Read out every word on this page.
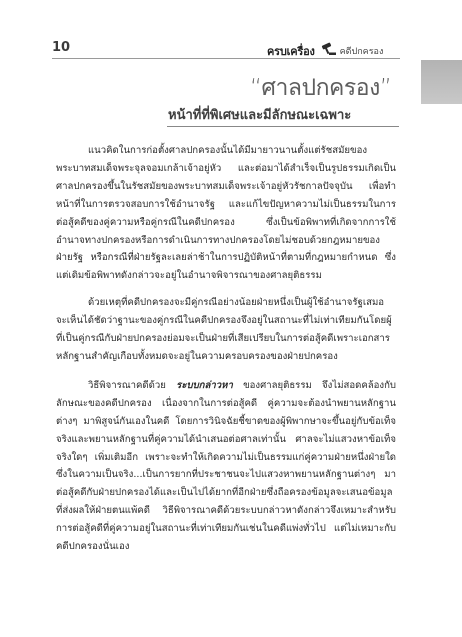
10	ครบเครื่อง	คดีปกครอง
“ศาลปกครอง”
หน้าที่ที่พิเศษและมีลักษณะเฉพาะ

แนวคิดในการก่อตั้งศาลปกครองนั้นได้มีมายาวนานตั้งแต่รัชสมัยของพระบาทสมเด็จพระจุลจอมเกล้าเจ้าอยู่หัว และต่อมาได้สำเร็จเป็นรูปธรรมเกิดเป็นศาลปกครองขึ้นในรัชสมัยของพระบาทสมเด็จพระเจ้าอยู่หัวรัชกาลปัจจุบัน เพื่อทำหน้าที่ในการตรวจสอบการใช้อำนาจรัฐ และแก้ไขปัญหาความไม่เป็นธรรมในการต่อสู้คดีของคู่ความหรือคู่กรณีในคดีปกครอง ซึ่งเป็นข้อพิพาทที่เกิดจากการใช้อำนาจทางปกครองหรือการดำเนินการทางปกครองโดยไม่ชอบด้วยกฎหมายของฝ่ายรัฐ หรือกรณีที่ฝ่ายรัฐละเลยล่าช้าในการปฏิบัติหน้าที่ตามที่กฎหมายกำหนด ซึ่งแต่เดิมข้อพิพาทดังกล่าวจะอยู่ในอำนาจพิจารณาของศาลยุติธรรม

ด้วยเหตุที่คดีปกครองจะมีคู่กรณีอย่างน้อยฝ่ายหนึ่งเป็นผู้ใช้อำนาจรัฐเสมอ จะเห็นได้ชัดว่าฐานะของคู่กรณีในคดีปกครองจึงอยู่ในสถานะที่ไม่เท่าเทียมกันโดยผู้ที่เป็นคู่กรณีกับฝ่ายปกครองย่อมจะเป็นฝ่ายที่เสียเปรียบในการต่อสู้คดีเพราะเอกสารหลักฐานสำคัญเกือบทั้งหมดจะอยู่ในความครอบครองของฝ่ายปกครอง

วิธีพิจารณาคดีด้วย ระบบกล่าวหา ของศาลยุติธรรม จึงไม่สอดคล้องกับลักษณะของคดีปกครอง เนื่องจากในการต่อสู้คดี คู่ความจะต้องนำพยานหลักฐานต่างๆ มาพิสูจน์กันเองในคดี โดยการวินิจฉัยชี้ขาดของผู้พิพากษาจะขึ้นอยู่กับข้อเท็จจริงและพยานหลักฐานที่คู่ความได้นำเสนอต่อศาลเท่านั้น ศาลจะไม่แสวงหาข้อเท็จจริงใดๆ เพิ่มเติมอีก เพราะจะทำให้เกิดความไม่เป็นธรรมแก่คู่ความฝ่ายหนึ่งฝ่ายใด ซึ่งในความเป็นจริง...เป็นการยากที่ประชาชนจะไปแสวงหาพยานหลักฐานต่างๆ มาต่อสู้คดีกับฝ่ายปกครองได้และเป็นไปได้ยากที่อีกฝ่ายซึ่งถือครองข้อมูลจะเสนอข้อมูลที่ส่งผลให้ฝ่ายตนแพ้คดี วิธีพิจารณาคดีด้วยระบบกล่าวหาดังกล่าวจึงเหมาะสำหรับการต่อสู้คดีที่คู่ความอยู่ในสถานะที่เท่าเทียมกันเช่นในคดีแพ่งทั่วไป แต่ไม่เหมาะกับคดีปกครองนั่นเอง
